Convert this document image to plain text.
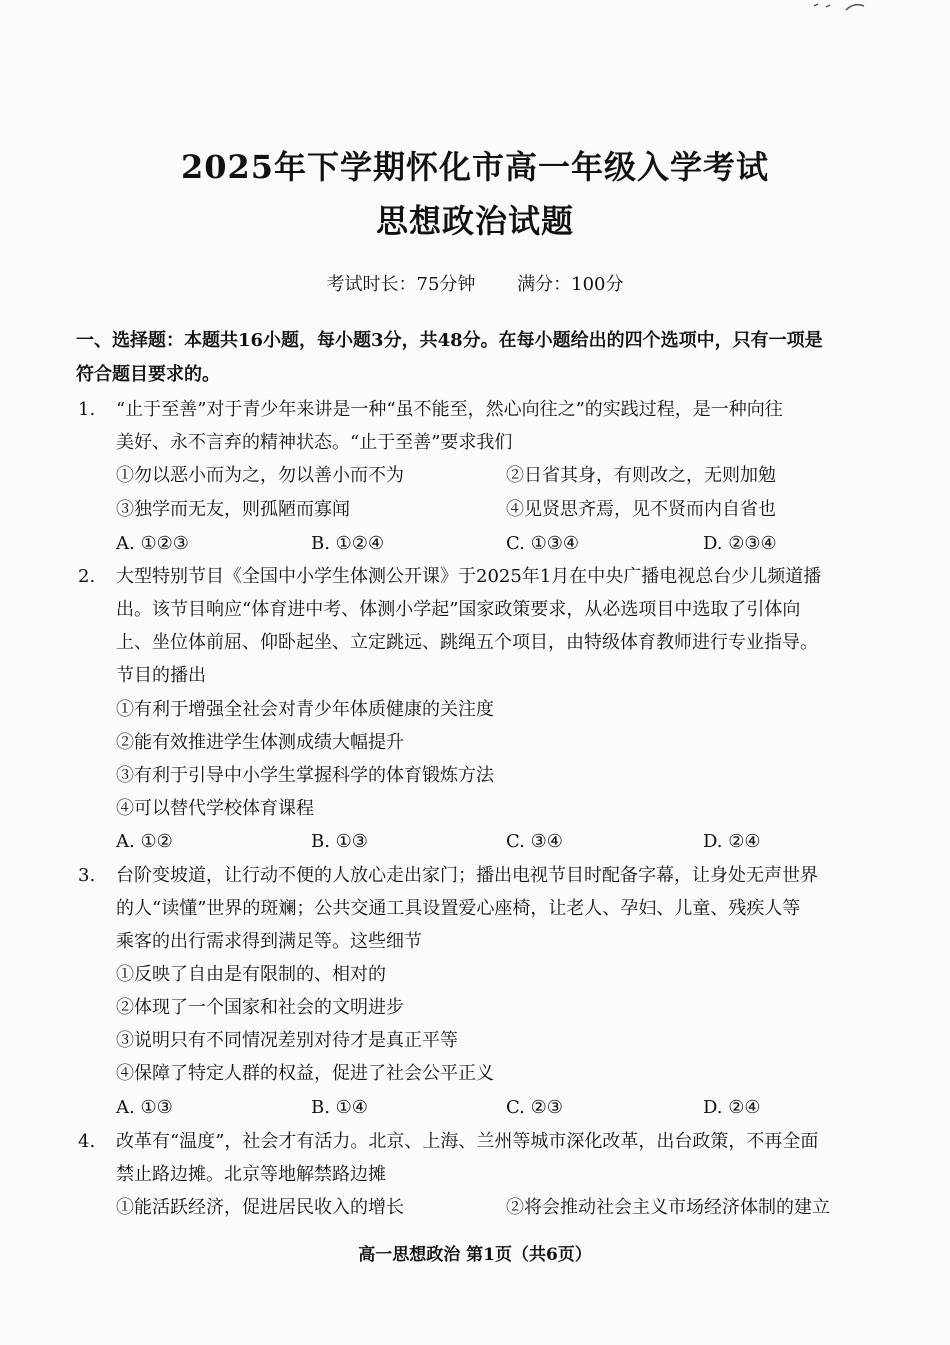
2025年下学期怀化市高一年级入学考试
思想政治试题
考试时长：75分钟 满分：100分
一、选择题：本题共16小题，每小题3分，共48分。在每小题给出的四个选项中，只有一项是
符合题目要求的。
1. “止于至善”对于青少年来讲是一种“虽不能至，然心向往之”的实践过程，是一种向往
美好、永不言弃的精神状态。“止于至善”要求我们
①勿以恶小而为之，勿以善小而不为	②日省其身，有则改之，无则加勉
③独学而无友，则孤陋而寡闻	④见贤思齐焉，见不贤而内自省也
A. ①②③	B. ①②④	C. ①③④	D. ②③④
2. 大型特别节目《全国中小学生体测公开课》于2025年1月在中央广播电视总台少儿频道播
出。该节目响应“体育进中考、体测小学起”国家政策要求，从必选项目中选取了引体向
上、坐位体前屈、仰卧起坐、立定跳远、跳绳五个项目，由特级体育教师进行专业指导。
节目的播出
①有利于增强全社会对青少年体质健康的关注度
②能有效推进学生体测成绩大幅提升
③有利于引导中小学生掌握科学的体育锻炼方法
④可以替代学校体育课程
A. ①②	B. ①③	C. ③④	D. ②④
3. 台阶变坡道，让行动不便的人放心走出家门；播出电视节目时配备字幕，让身处无声世界
的人“读懂”世界的斑斓；公共交通工具设置爱心座椅，让老人、孕妇、儿童、残疾人等
乘客的出行需求得到满足等。这些细节
①反映了自由是有限制的、相对的
②体现了一个国家和社会的文明进步
③说明只有不同情况差别对待才是真正平等
④保障了特定人群的权益，促进了社会公平正义
A. ①③	B. ①④	C. ②③	D. ②④
4. 改革有“温度”，社会才有活力。北京、上海、兰州等城市深化改革，出台政策，不再全面
禁止路边摊。北京等地解禁路边摊
①能活跃经济，促进居民收入的增长	②将会推动社会主义市场经济体制的建立
高一思想政治 第1页（共6页）
